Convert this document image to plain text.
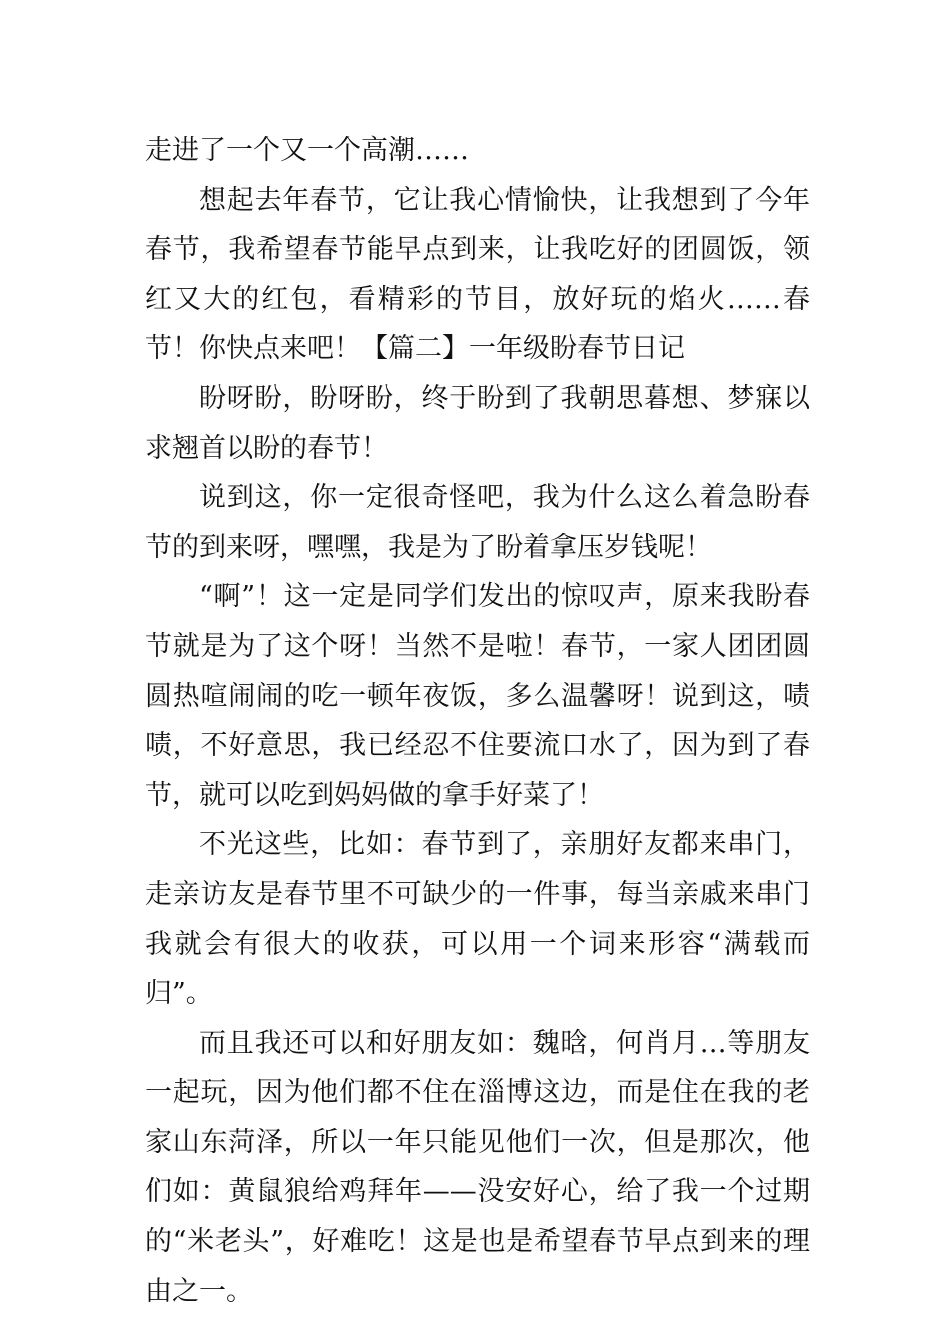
走进了一个又一个高潮……

想起去年春节，它让我心情愉快，让我想到了今年春节，我希望春节能早点到来，让我吃好的团圆饭，领红又大的红包，看精彩的节目，放好玩的焰火……春节！你快点来吧！【篇二】一年级盼春节日记

盼呀盼，盼呀盼，终于盼到了我朝思暮想、梦寐以求翘首以盼的春节！

说到这，你一定很奇怪吧，我为什么这么着急盼春节的到来呀，嘿嘿，我是为了盼着拿压岁钱呢！

“啊”！这一定是同学们发出的惊叹声，原来我盼春节就是为了这个呀！当然不是啦！春节，一家人团团圆圆热喧闹闹的吃一顿年夜饭，多么温馨呀！说到这，啧啧，不好意思，我已经忍不住要流口水了，因为到了春节，就可以吃到妈妈做的拿手好菜了！

不光这些，比如：春节到了，亲朋好友都来串门，走亲访友是春节里不可缺少的一件事，每当亲戚来串门我就会有很大的收获，可以用一个词来形容“满载而归”。

而且我还可以和好朋友如：魏晗，何肖月…等朋友一起玩，因为他们都不住在淄博这边，而是住在我的老家山东菏泽，所以一年只能见他们一次，但是那次，他们如：黄鼠狼给鸡拜年——没安好心，给了我一个过期的“米老头”，好难吃！这是也是希望春节早点到来的理由之一。
